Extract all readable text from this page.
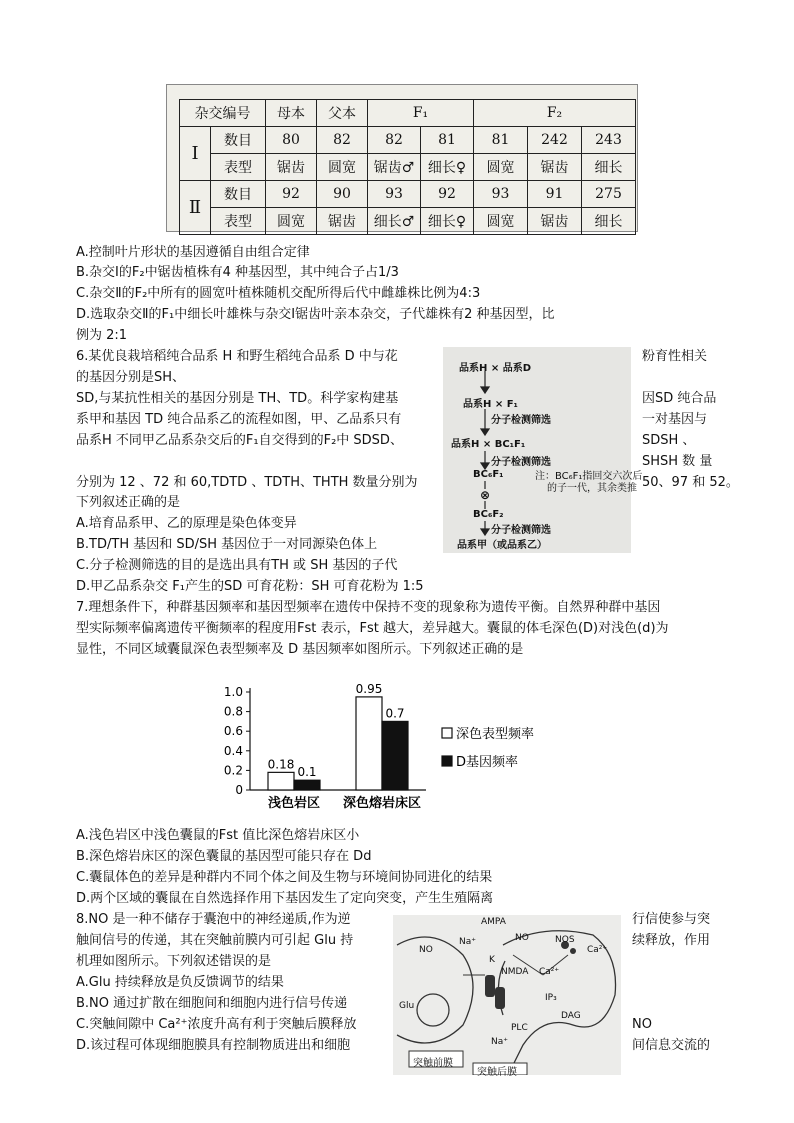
杂交编号		母本	父本	F₁		F₂		
Ⅰ	数目	80	82	82	81	81	242	243
	表型	锯齿	圆宽	锯齿♂	细长♀	圆宽	锯齿	细长
Ⅱ	数目	92	90	93	92	93	91	275
	表型	圆宽	锯齿	细长♂	细长♀	圆宽	锯齿	细长
A.控制叶片形状的基因遵循自由组合定律
B.杂交Ⅰ的F₂中锯齿植株有4 种基因型，其中纯合子占1/3
C.杂交Ⅱ的F₂中所有的圆宽叶植株随机交配所得后代中雌雄株比例为4:3
D.选取杂交Ⅱ的F₁中细长叶雄株与杂交Ⅰ锯齿叶亲本杂交，子代雄株有2 种基因型，比
例为 2:1
6.某优良栽培稻纯合品系 H 和野生稻纯合品系 D 中与花	粉育性相关
的基因分别是SH、
SD,与某抗性相关的基因分别是 TH、TD。科学家构建基	因SD 纯合品
系甲和基因 TD 纯合品系乙的流程如图，甲、乙品系只有	一对基因与
品系H 不同甲乙品系杂交后的F₁自交得到的F₂中 SDSD、	SDSH 、
SHSH 数 量
分别为 12 、72 和 60,TDTD 、TDTH、THTH 数量分别为	50、97 和 52。
下列叙述正确的是
A.培育品系甲、乙的原理是染色体变异
B.TD/TH 基因和 SD/SH 基因位于一对同源染色体上
C.分子检测筛选的目的是选出具有TH 或 SH 基因的子代
D.甲乙品系杂交 F₁产生的SD 可育花粉：SH 可育花粉为 1:5
品系H × 品系D
品系H × F₁
分子检测筛选
品系H × BC₁F₁
分子检测筛选
BC₆F₁	注：BC₆F₁指回交六次后
的子一代，其余类推
⊗
BC₆F₂
分子检测筛选
品系甲（或品系乙）
7.理想条件下，种群基因频率和基因型频率在遗传中保持不变的现象称为遗传平衡。自然界种群中基因
型实际频率偏离遗传平衡频率的程度用Fst 表示，Fst 越大，差异越大。囊鼠的体毛深色(D)对浅色(d)为
显性，不同区域囊鼠深色表型频率及 D 基因频率如图所示。下列叙述正确的是
0
0.2
0.4
0.6
0.8
1.0
0.18
0.1
浅色岩区
0.95
0.7
深色熔岩床区
深色表型频率
D基因频率
A.浅色岩区中浅色囊鼠的Fst 值比深色熔岩床区小
B.深色熔岩床区的深色囊鼠的基因型可能只存在 Dd
C.囊鼠体色的差异是种群内不同个体之间及生物与环境间协同进化的结果
D.两个区域的囊鼠在自然选择作用下基因发生了定向突变，产生生殖隔离
8.NO 是一种不储存于囊泡中的神经递质,作为逆	行信使参与突
触间信号的传递，其在突触前膜内可引起 Glu 持	续释放，作用
机理如图所示。下列叙述错误的是
A.Glu 持续释放是负反馈调节的结果
B.NO 通过扩散在细胞间和细胞内进行信号传递
C.突触间隙中 Ca²⁺浓度升高有利于突触后膜释放	NO
D.该过程可体现细胞膜具有控制物质进出和细胞	间信息交流的
AMPA
Na⁺	NO	NOS
Ca²⁺
NO
K
NMDA Ca²⁺
Glu
IP₃
DAG
PLC
Na⁺
突触前膜
突触后膜
